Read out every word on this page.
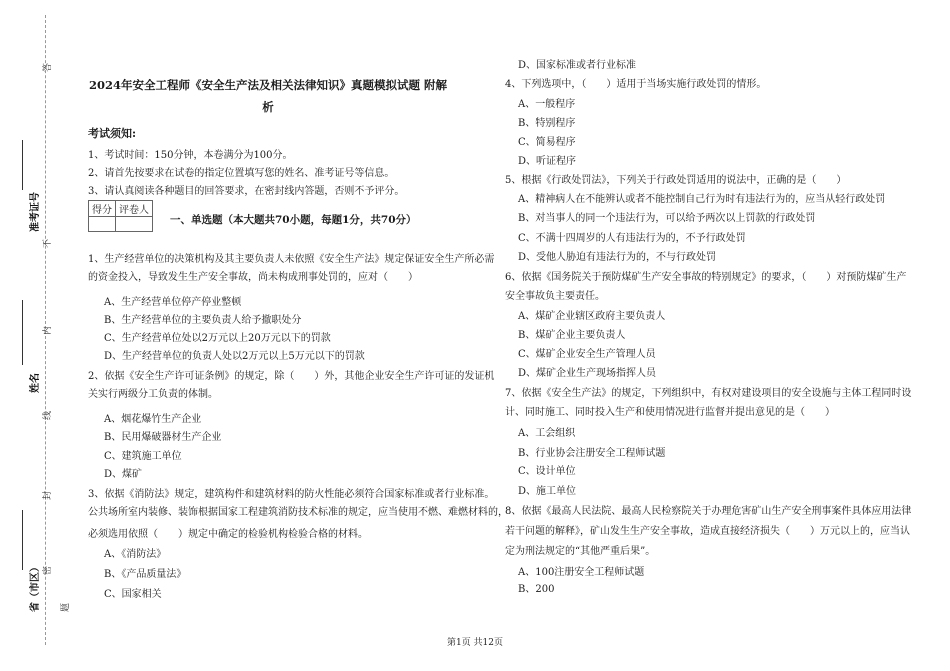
答
不
内
线
封
密
题
准考证号
姓名
省（市区）
2024年安全工程师《安全生产法及相关法律知识》真题模拟试题 附解
析
考试须知:
1、考试时间：150分钟，本卷满分为100分。
2、请首先按要求在试卷的指定位置填写您的姓名、准考证号等信息。
3、请认真阅读各种题目的回答要求，在密封线内答题，否则不予评分。
得分	评卷人

一、单选题（本大题共70小题，每题1分，共70分）
1、生产经营单位的决策机构及其主要负责人未依照《安全生产法》规定保证安全生产所必需
的资金投入，导致发生生产安全事故，尚未构成刑事处罚的，应对（　　）
A、生产经营单位停产停业整顿
B、生产经营单位的主要负责人给予撤职处分
C、生产经营单位处以2万元以上20万元以下的罚款
D、生产经营单位的负责人处以2万元以上5万元以下的罚款
2、依据《安全生产许可证条例》的规定，除（　　）外，其他企业安全生产许可证的发证机
关实行两级分工负责的体制。
A、烟花爆竹生产企业
B、民用爆破器材生产企业
C、建筑施工单位
D、煤矿
3、依据《消防法》规定，建筑构件和建筑材料的防火性能必须符合国家标准或者行业标准。
公共场所室内装修、装饰根据国家工程建筑消防技术标准的规定，应当使用不燃、难燃材料的，
必须选用依照（　　）规定中确定的检验机构检验合格的材料。
A、《消防法》
B、《产品质量法》
C、国家相关
D、国家标准或者行业标准
4、下列选项中，（　　）适用于当场实施行政处罚的情形。
A、一般程序
B、特别程序
C、简易程序
D、听证程序
5、根据《行政处罚法》，下列关于行政处罚适用的说法中，正确的是（　　）
A、精神病人在不能辨认或者不能控制自己行为时有违法行为的，应当从轻行政处罚
B、对当事人的同一个违法行为，可以给予两次以上罚款的行政处罚
C、不满十四周岁的人有违法行为的，不予行政处罚
D、受他人胁迫有违法行为的，不与行政处罚
6、依据《国务院关于预防煤矿生产安全事故的特别规定》的要求，（　　）对预防煤矿生产
安全事故负主要责任。
A、煤矿企业辖区政府主要负责人
B、煤矿企业主要负责人
C、煤矿企业安全生产管理人员
D、煤矿企业生产现场指挥人员
7、依据《安全生产法》的规定，下列组织中，有权对建设项目的安全设施与主体工程同时设
计、同时施工、同时投入生产和使用情况进行监督并提出意见的是（　　）
A、工会组织
B、行业协会注册安全工程师试题
C、设计单位
D、施工单位
8、依据《最高人民法院、最高人民检察院关于办理危害矿山生产安全刑事案件具体应用法律
若干问题的解释》，矿山发生生产安全事故，造成直接经济损失（　　）万元以上的，应当认
定为刑法规定的“其他严重后果”。
A、100注册安全工程师试题
B、200
第1页 共12页
